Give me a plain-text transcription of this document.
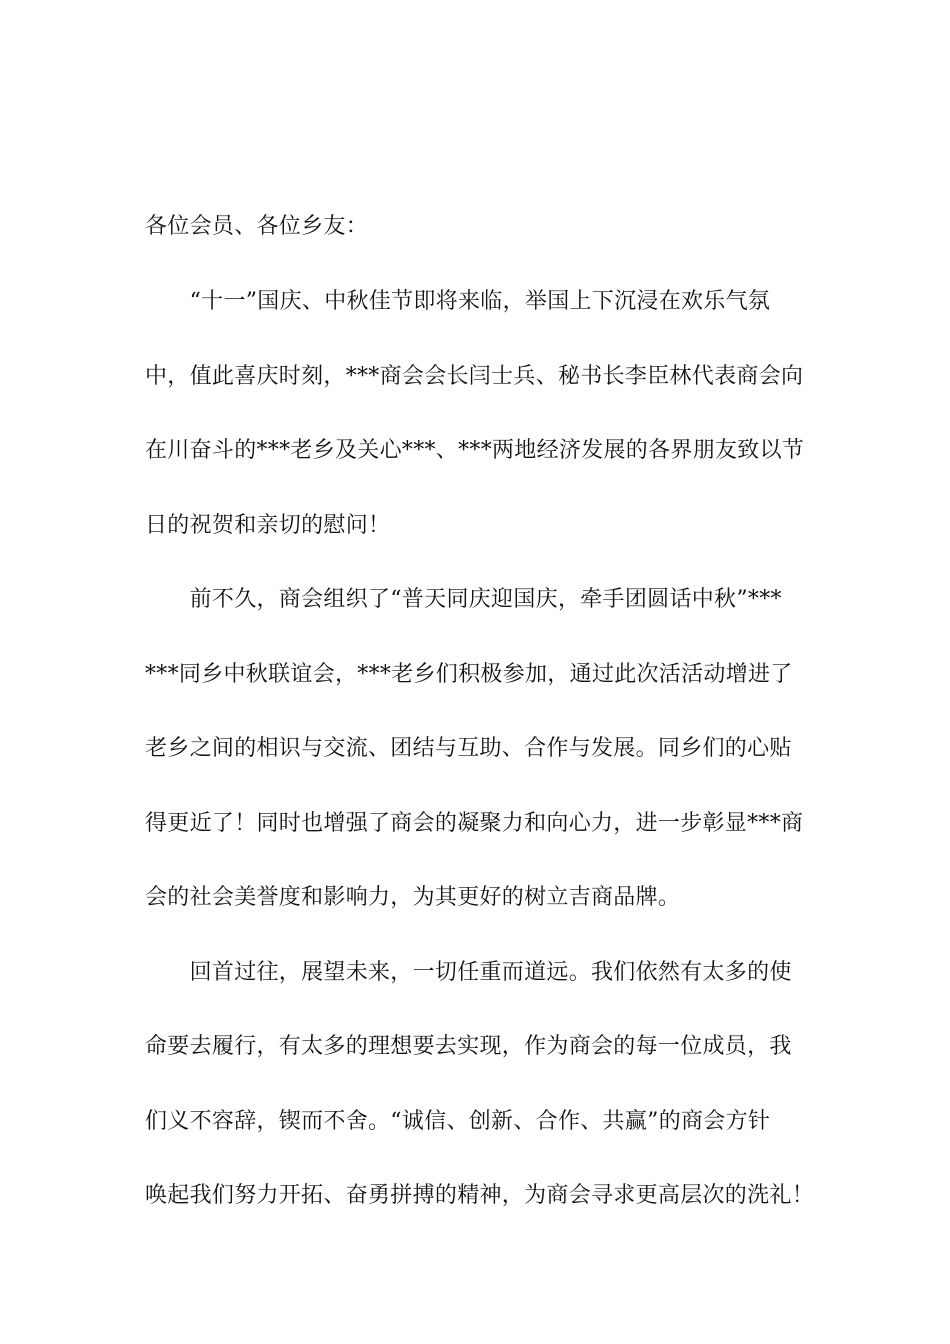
各位会员、各位乡友：
　　“十一”国庆、中秋佳节即将来临，举国上下沉浸在欢乐气氛
中，值此喜庆时刻，***商会会长闫士兵、秘书长李臣林代表商会向
在川奋斗的***老乡及关心***、***两地经济发展的各界朋友致以节
日的祝贺和亲切的慰问！
　　前不久，商会组织了“普天同庆迎国庆，牵手团圆话中秋”***
***同乡中秋联谊会，***老乡们积极参加，通过此次活活动增进了
老乡之间的相识与交流、团结与互助、合作与发展。同乡们的心贴
得更近了！同时也增强了商会的凝聚力和向心力，进一步彰显***商
会的社会美誉度和影响力，为其更好的树立吉商品牌。
　　回首过往，展望未来，一切任重而道远。我们依然有太多的使
命要去履行，有太多的理想要去实现，作为商会的每一位成员，我
们义不容辞，锲而不舍。“诚信、创新、合作、共赢”的商会方针
唤起我们努力开拓、奋勇拼搏的精神，为商会寻求更高层次的洗礼！
